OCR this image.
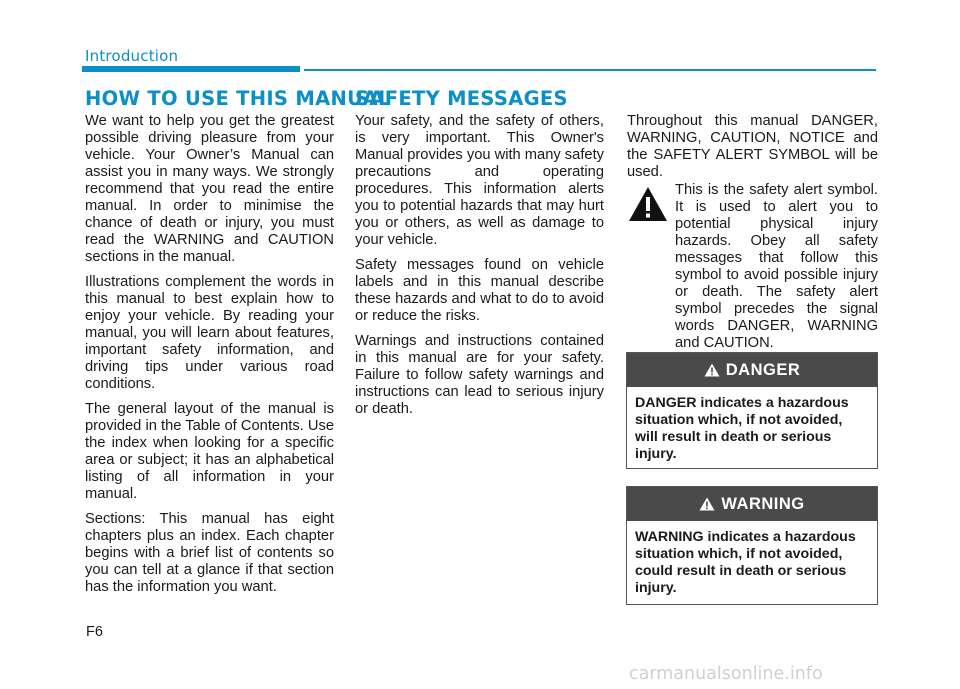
Introduction
HOW TO USE THIS MANUAL
SAFETY MESSAGES

We want to help you get the greatest possible driving pleasure from your vehicle. Your Owner’s Manual can assist you in many ways. We strongly recommend that you read the entire manual. In order to minimise the chance of death or injury, you must read the WARNING and CAUTION sections in the manual.

Illustrations complement the words in this manual to best explain how to enjoy your vehicle. By reading your manual, you will learn about features, important safety information, and driving tips under various road conditions.

The general layout of the manual is provided in the Table of Contents. Use the index when looking for a specific area or subject; it has an alphabetical listing of all information in your manual.

Sections: This manual has eight chapters plus an index. Each chapter begins with a brief list of contents so you can tell at a glance if that section has the information you want.

Your safety, and the safety of others, is very important. This Owner's Manual provides you with many safety precautions and operating procedures. This information alerts you to potential hazards that may hurt you or others, as well as damage to your vehicle.

Safety messages found on vehicle labels and in this manual describe these hazards and what to do to avoid or reduce the risks.

Warnings and instructions contained in this manual are for your safety. Failure to follow safety warnings and instructions can lead to serious injury or death.

Throughout this manual DANGER, WARNING, CAUTION, NOTICE and the SAFETY ALERT SYMBOL will be used.

This is the safety alert symbol. It is used to alert you to potential physical injury hazards. Obey all safety messages that follow this symbol to avoid possible injury or death. The safety alert symbol precedes the signal words DANGER, WARNING and CAUTION.
DANGER
DANGER indicates a hazardous situation which, if not avoided, will result in death or serious injury.
WARNING
WARNING indicates a hazardous situation which, if not avoided, could result in death or serious injury.
F6
carmanualsonline.info
